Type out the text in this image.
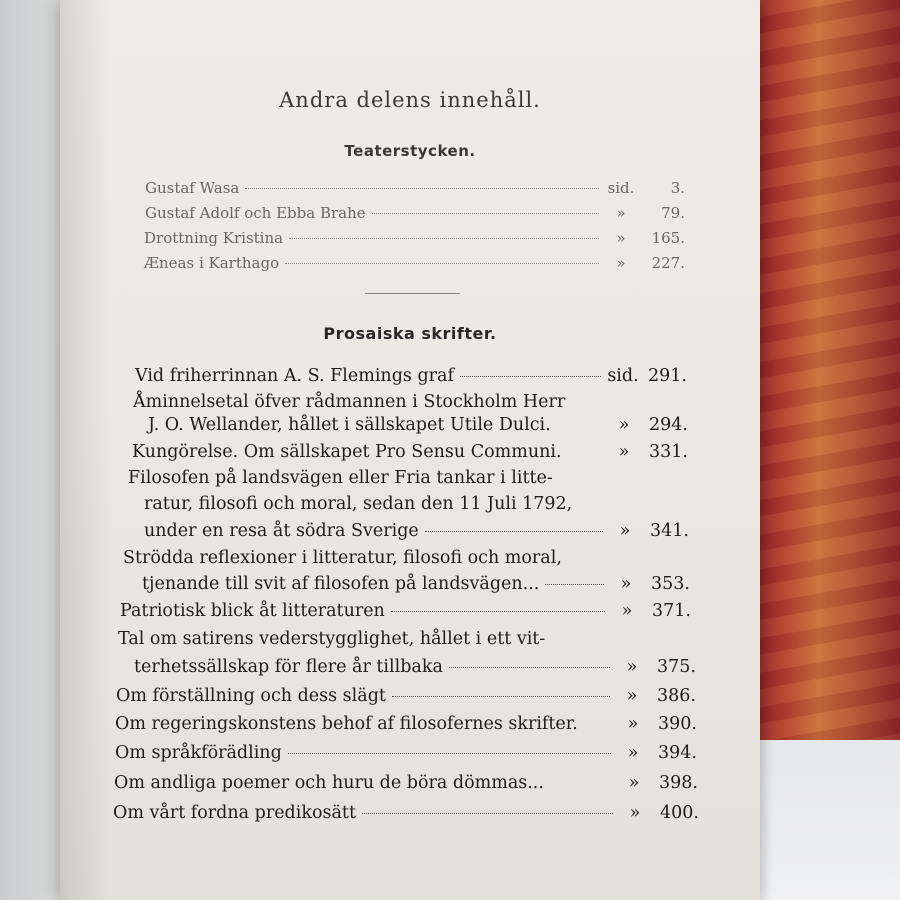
Andra delens innehåll.
Teaterstycken.
Gustaf Wasa	sid.	3.
Gustaf Adolf och Ebba Brahe	»	79.
Drottning Kristina	»	165.
Æneas i Karthago	»	227.
Prosaiska skrifter.
Vid friherrinnan A. S. Flemings graf	sid. 291.
Åminnelsetal öfver rådmannen i Stockholm Herr
J. O. Wellander, hållet i sällskapet Utile Dulci.	»	294.
Kungörelse. Om sällskapet Pro Sensu Communi.	»	331.
Filosofen på landsvägen eller Fria tankar i litte-
ratur, filosofi och moral, sedan den 11 Juli 1792,
under en resa åt södra Sverige	»	341.
Strödda reflexioner i litteratur, filosofi och moral,
tjenande till svit af filosofen på landsvägen...	»	353.
Patriotisk blick åt litteraturen	»	371.
Tal om satirens vederstygglighet, hållet i ett vit-
terhetssällskap för flere år tillbaka	»	375.
Om förställning och dess slägt	»	386.
Om regeringskonstens behof af filosofernes skrifter.	»	390.
Om språkförädling	»	394.
Om andliga poemer och huru de böra dömmas...	»	398.
Om vårt fordna predikosätt	»	400.
